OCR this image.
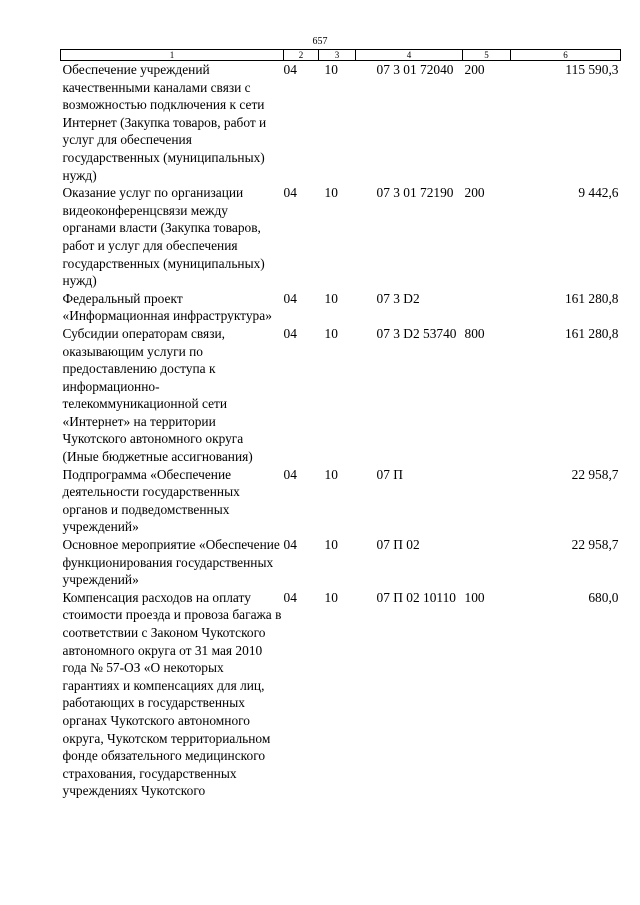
657
1	2	3	4	5	6
Обеспечение учреждений качественными каналами связи с возможностью подключения к сети Интернет (Закупка товаров, работ и услуг для обеспечения государственных (муниципальных) нужд)	04	10	07 3 01 72040	200	115 590,3
Оказание услуг по организации видеоконференцсвязи между органами власти (Закупка товаров, работ и услуг для обеспечения государственных (муниципальных) нужд)	04	10	07 3 01 72190	200	9 442,6
Федеральный проект «Информационная инфраструктура»	04	10	07 3 D2		161 280,8
Субсидии операторам связи, оказывающим услуги по предоставлению доступа к информационно-телекоммуникационной сети «Интернет» на территории Чукотского автономного округа (Иные бюджетные ассигнования)	04	10	07 3 D2 53740	800	161 280,8
Подпрограмма «Обеспечение деятельности государственных органов и подведомственных учреждений»	04	10	07 П		22 958,7
Основное мероприятие «Обеспечение функционирования государственных учреждений»	04	10	07 П 02		22 958,7
Компенсация расходов на оплату стоимости проезда и провоза багажа в соответствии с Законом Чукотского автономного округа от 31 мая 2010 года № 57-ОЗ «О некоторых гарантиях и компенсациях для лиц, работающих в государственных органах Чукотского автономного округа, Чукотском территориальном фонде обязательного медицинского страхования, государственных учреждениях Чукотского	04	10	07 П 02 10110	100	680,0
